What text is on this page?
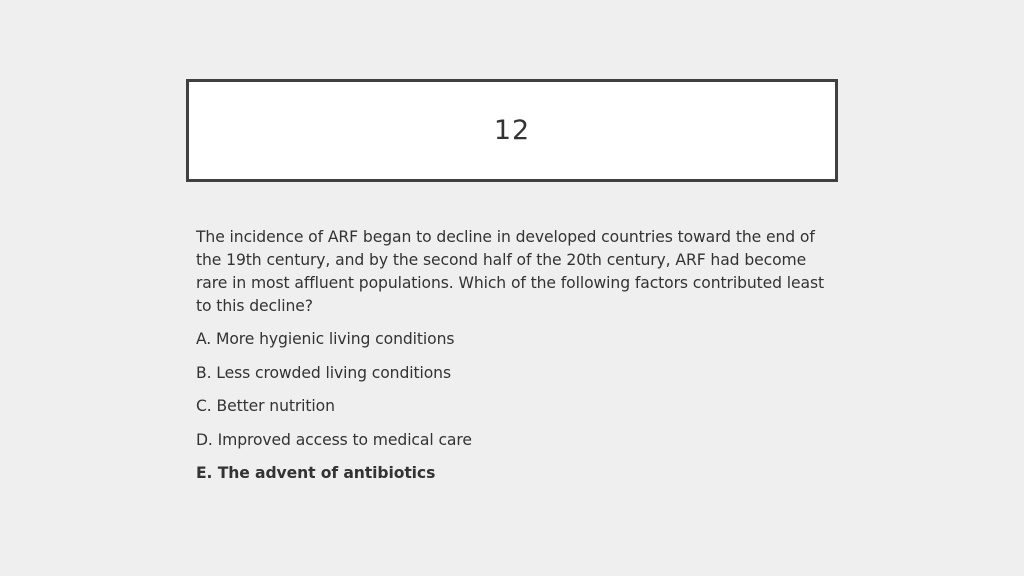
12

The incidence of ARF began to decline in developed countries toward the end of the 19th century, and by the second half of the 20th century, ARF had become rare in most affluent populations. Which of the following factors contributed least to this decline?

A. More hygienic living conditions
B. Less crowded living conditions
C. Better nutrition
D. Improved access to medical care
E. The advent of antibiotics
